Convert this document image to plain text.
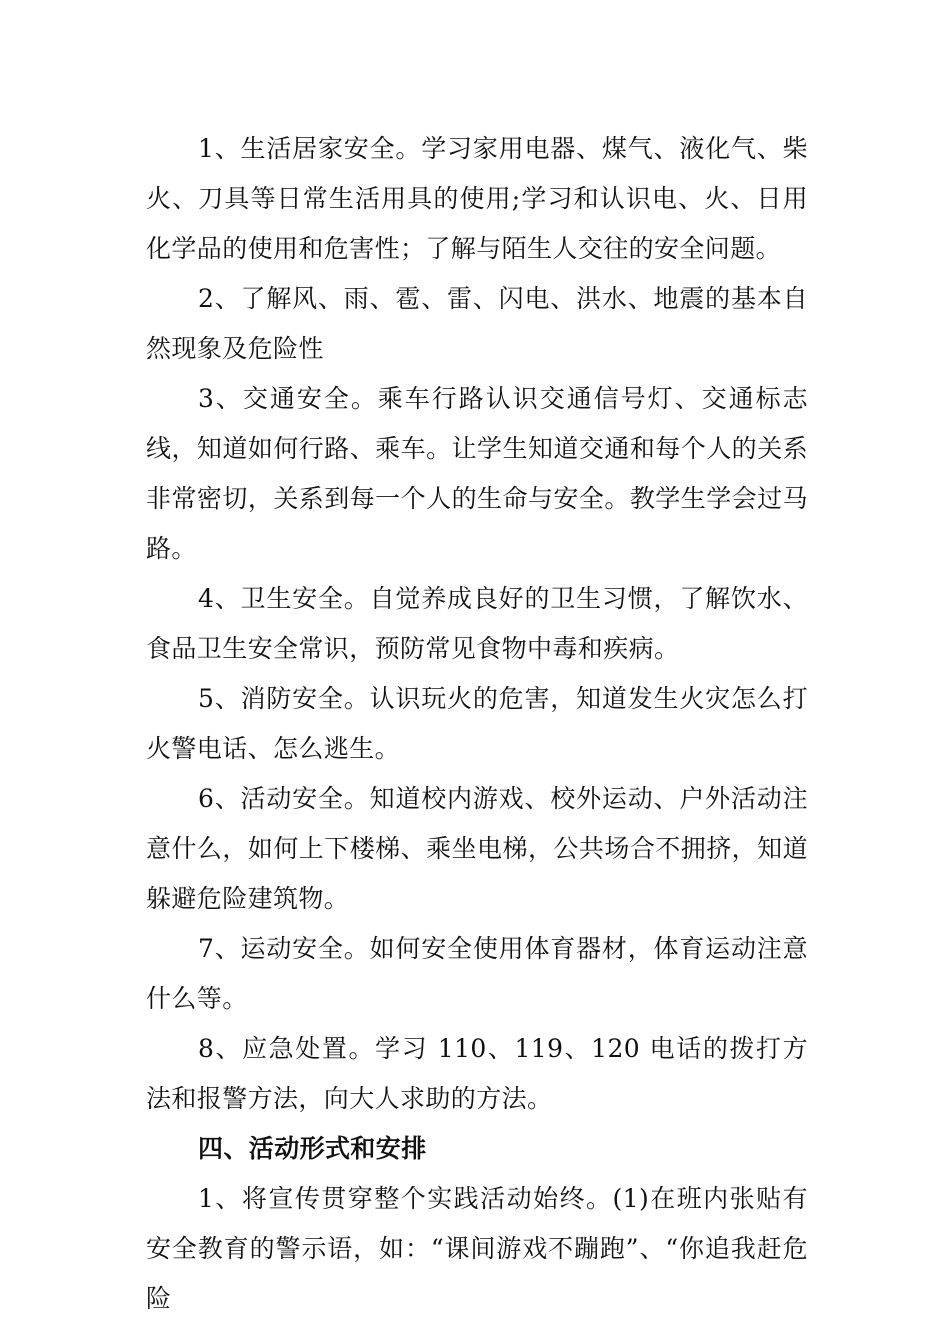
1、生活居家安全。学习家用电器、煤气、液化气、柴火、刀具等日常生活用具的使用;学习和认识电、火、日用化学品的使用和危害性；了解与陌生人交往的安全问题。

2、了解风、雨、雹、雷、闪电、洪水、地震的基本自然现象及危险性

3、交通安全。乘车行路认识交通信号灯、交通标志线，知道如何行路、乘车。让学生知道交通和每个人的关系非常密切，关系到每一个人的生命与安全。教学生学会过马路。

4、卫生安全。自觉养成良好的卫生习惯，了解饮水、食品卫生安全常识，预防常见食物中毒和疾病。

5、消防安全。认识玩火的危害，知道发生火灾怎么打火警电话、怎么逃生。

6、活动安全。知道校内游戏、校外运动、户外活动注意什么，如何上下楼梯、乘坐电梯，公共场合不拥挤，知道躲避危险建筑物。

7、运动安全。如何安全使用体育器材，体育运动注意什么等。

8、应急处置。学习 110、119、120 电话的拨打方法和报警方法，向大人求助的方法。

四、活动形式和安排

1、将宣传贯穿整个实践活动始终。(1)在班内张贴有安全教育的警示语，如：“课间游戏不蹦跑”、“你追我赶危险
